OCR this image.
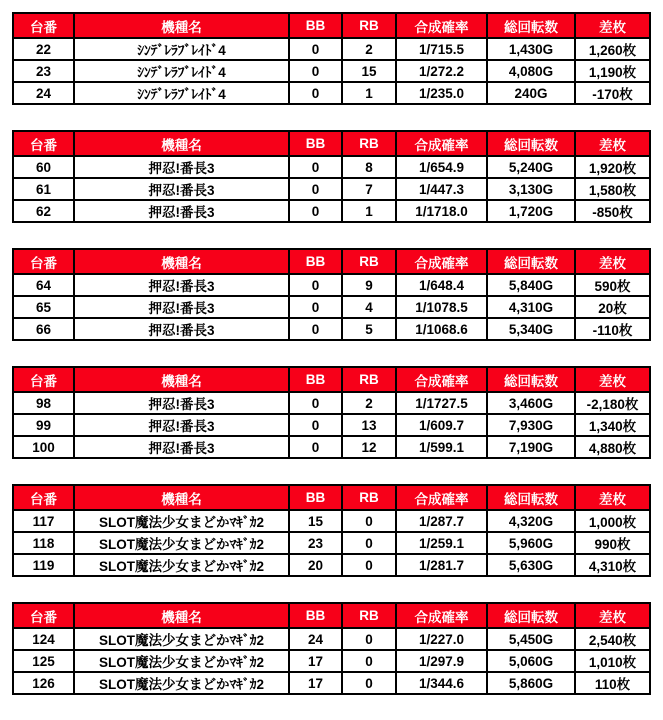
台番	機種名	BB	RB	合成確率	総回転数	差枚
22	ｼﾝﾃﾞﾚﾗﾌﾞﾚｲﾄﾞ4	0	2	1/715.5	1,430G	1,260枚
23	ｼﾝﾃﾞﾚﾗﾌﾞﾚｲﾄﾞ4	0	15	1/272.2	4,080G	1,190枚
24	ｼﾝﾃﾞﾚﾗﾌﾞﾚｲﾄﾞ4	0	1	1/235.0	240G	-170枚
台番	機種名	BB	RB	合成確率	総回転数	差枚
60	押忍!番長3	0	8	1/654.9	5,240G	1,920枚
61	押忍!番長3	0	7	1/447.3	3,130G	1,580枚
62	押忍!番長3	0	1	1/1718.0	1,720G	-850枚
台番	機種名	BB	RB	合成確率	総回転数	差枚
64	押忍!番長3	0	9	1/648.4	5,840G	590枚
65	押忍!番長3	0	4	1/1078.5	4,310G	20枚
66	押忍!番長3	0	5	1/1068.6	5,340G	-110枚
台番	機種名	BB	RB	合成確率	総回転数	差枚
98	押忍!番長3	0	2	1/1727.5	3,460G	-2,180枚
99	押忍!番長3	0	13	1/609.7	7,930G	1,340枚
100	押忍!番長3	0	12	1/599.1	7,190G	4,880枚
台番	機種名	BB	RB	合成確率	総回転数	差枚
117	SLOT魔法少女まどかﾏｷﾞｶ2	15	0	1/287.7	4,320G	1,000枚
118	SLOT魔法少女まどかﾏｷﾞｶ2	23	0	1/259.1	5,960G	990枚
119	SLOT魔法少女まどかﾏｷﾞｶ2	20	0	1/281.7	5,630G	4,310枚
台番	機種名	BB	RB	合成確率	総回転数	差枚
124	SLOT魔法少女まどかﾏｷﾞｶ2	24	0	1/227.0	5,450G	2,540枚
125	SLOT魔法少女まどかﾏｷﾞｶ2	17	0	1/297.9	5,060G	1,010枚
126	SLOT魔法少女まどかﾏｷﾞｶ2	17	0	1/344.6	5,860G	110枚
